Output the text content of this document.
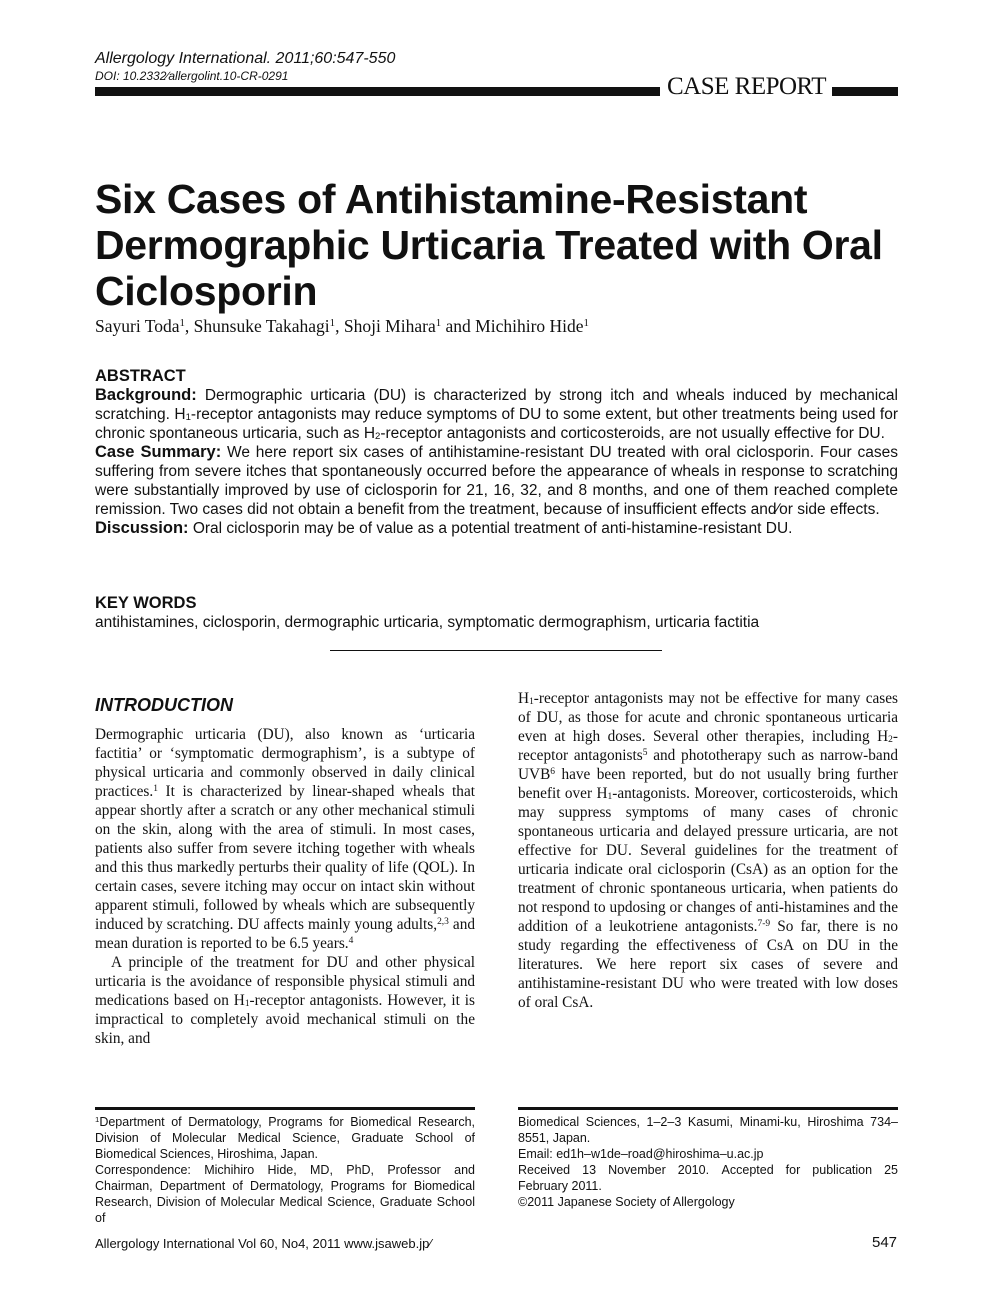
Allergology International. 2011;60:547-550
DOI: 10.2332∕allergolint.10-CR-0291	CASE REPORT
Six Cases of Antihistamine-Resistant Dermographic Urticaria Treated with Oral Ciclosporin
Sayuri Toda$^1$, Shunsuke Takahagi$^1$, Shoji Mihara$^1$ and Michihiro Hide$^1$
ABSTRACT

Background: Dermographic urticaria (DU) is characterized by strong itch and wheals induced by mechanical scratching. $H_1$-receptor antagonists may reduce symptoms of DU to some extent, but other treatments being used for chronic spontaneous urticaria, such as $H_2$-receptor antagonists and corticosteroids, are not usually effective for DU.

Case Summary: We here report six cases of antihistamine-resistant DU treated with oral ciclosporin. Four cases suffering from severe itches that spontaneously occurred before the appearance of wheals in response to scratching were substantially improved by use of ciclosporin for 21, 16, 32, and 8 months, and one of them reached complete remission. Two cases did not obtain a benefit from the treatment, because of insufficient effects and∕or side effects.

Discussion: Oral ciclosporin may be of value as a potential treatment of anti-histamine-resistant DU.

KEY WORDS
antihistamines, ciclosporin, dermographic urticaria, symptomatic dermographism, urticaria factitia
INTRODUCTION

Dermographic urticaria (DU), also known as ‘urticaria factitia’ or ‘symptomatic dermographism’, is a subtype of physical urticaria and commonly observed in daily clinical practices.$^1$ It is characterized by linear-shaped wheals that appear shortly after a scratch or any other mechanical stimuli on the skin, along with the area of stimuli. In most cases, patients also suffer from severe itching together with wheals and this thus markedly perturbs their quality of life (QOL). In certain cases, severe itching may occur on intact skin without apparent stimuli, followed by wheals which are subsequently induced by scratching. DU affects mainly young adults,$^{2,3}$ and mean duration is reported to be 6.5 years.$^4$

A principle of the treatment for DU and other physical urticaria is the avoidance of responsible physical stimuli and medications based on $H_1$-receptor antagonists. However, it is impractical to completely avoid mechanical stimuli on the skin, and

$H_1$-receptor antagonists may not be effective for many cases of DU, as those for acute and chronic spontaneous urticaria even at high doses. Several other therapies, including $H_2$-receptor antagonists$^5$ and phototherapy such as narrow-band UVB$^6$ have been reported, but do not usually bring further benefit over $H_1$-antagonists. Moreover, corticosteroids, which may suppress symptoms of many cases of chronic spontaneous urticaria and delayed pressure urticaria, are not effective for DU. Several guidelines for the treatment of urticaria indicate oral ciclosporin (CsA) as an option for the treatment of chronic spontaneous urticaria, when patients do not respond to updosing or changes of anti-histamines and the addition of a leukotriene antagonists.$^{7-9}$ So far, there is no study regarding the effectiveness of CsA on DU in the literatures. We here report six cases of severe and antihistamine-resistant DU who were treated with low doses of oral CsA.

$^1$Department of Dermatology, Programs for Biomedical Research, Division of Molecular Medical Science, Graduate School of Biomedical Sciences, Hiroshima, Japan.

Correspondence: Michihiro Hide, MD, PhD, Professor and Chairman, Department of Dermatology, Programs for Biomedical Research, Division of Molecular Medical Science, Graduate School of

Biomedical Sciences, 1–2–3 Kasumi, Minami-ku, Hiroshima 734–8551, Japan.

Email: ed1h–w1de–road@hiroshima–u.ac.jp

Received 13 November 2010. Accepted for publication 25 February 2011.

©2011 Japanese Society of Allergology

Allergology International Vol 60, No4, 2011 www.jsaweb.jp∕	547
